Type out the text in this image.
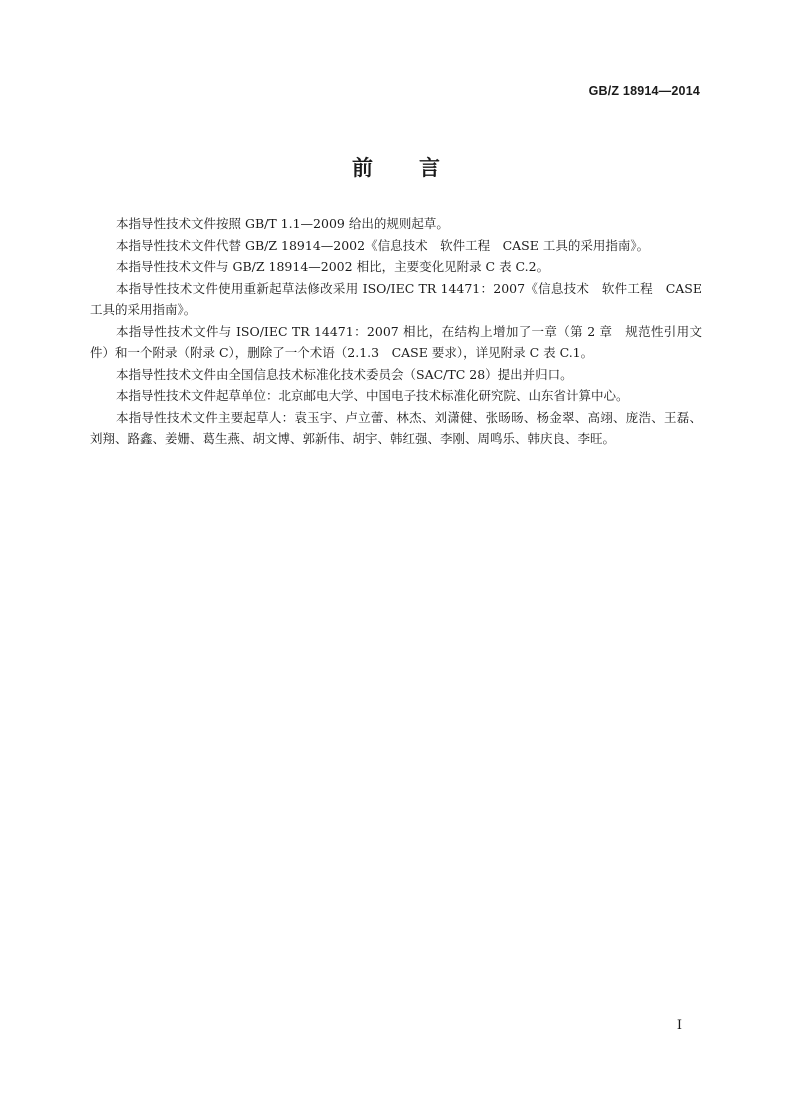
GB/Z 18914—2014
前 言

本指导性技术文件按照 GB/T 1.1—2009 给出的规则起草。

本指导性技术文件代替 GB/Z 18914—2002《信息技术　软件工程　CASE 工具的采用指南》。

本指导性技术文件与 GB/Z 18914—2002 相比，主要变化见附录 C 表 C.2。

本指导性技术文件使用重新起草法修改采用 ISO/IEC TR 14471：2007《信息技术　软件工程　CASE 工具的采用指南》。

本指导性技术文件与 ISO/IEC TR 14471：2007 相比，在结构上增加了一章（第 2 章　规范性引用文件）和一个附录（附录 C），删除了一个术语（2.1.3　CASE 要求），详见附录 C 表 C.1。

本指导性技术文件由全国信息技术标准化技术委员会（SAC/TC 28）提出并归口。

本指导性技术文件起草单位：北京邮电大学、中国电子技术标准化研究院、山东省计算中心。

本指导性技术文件主要起草人：袁玉宇、卢立蕾、林杰、刘潇健、张旸旸、杨金翠、高翊、庞浩、王磊、刘翔、路鑫、姜姗、葛生燕、胡文博、郭新伟、胡宇、韩红强、李刚、周鸣乐、韩庆良、李旺。

I
